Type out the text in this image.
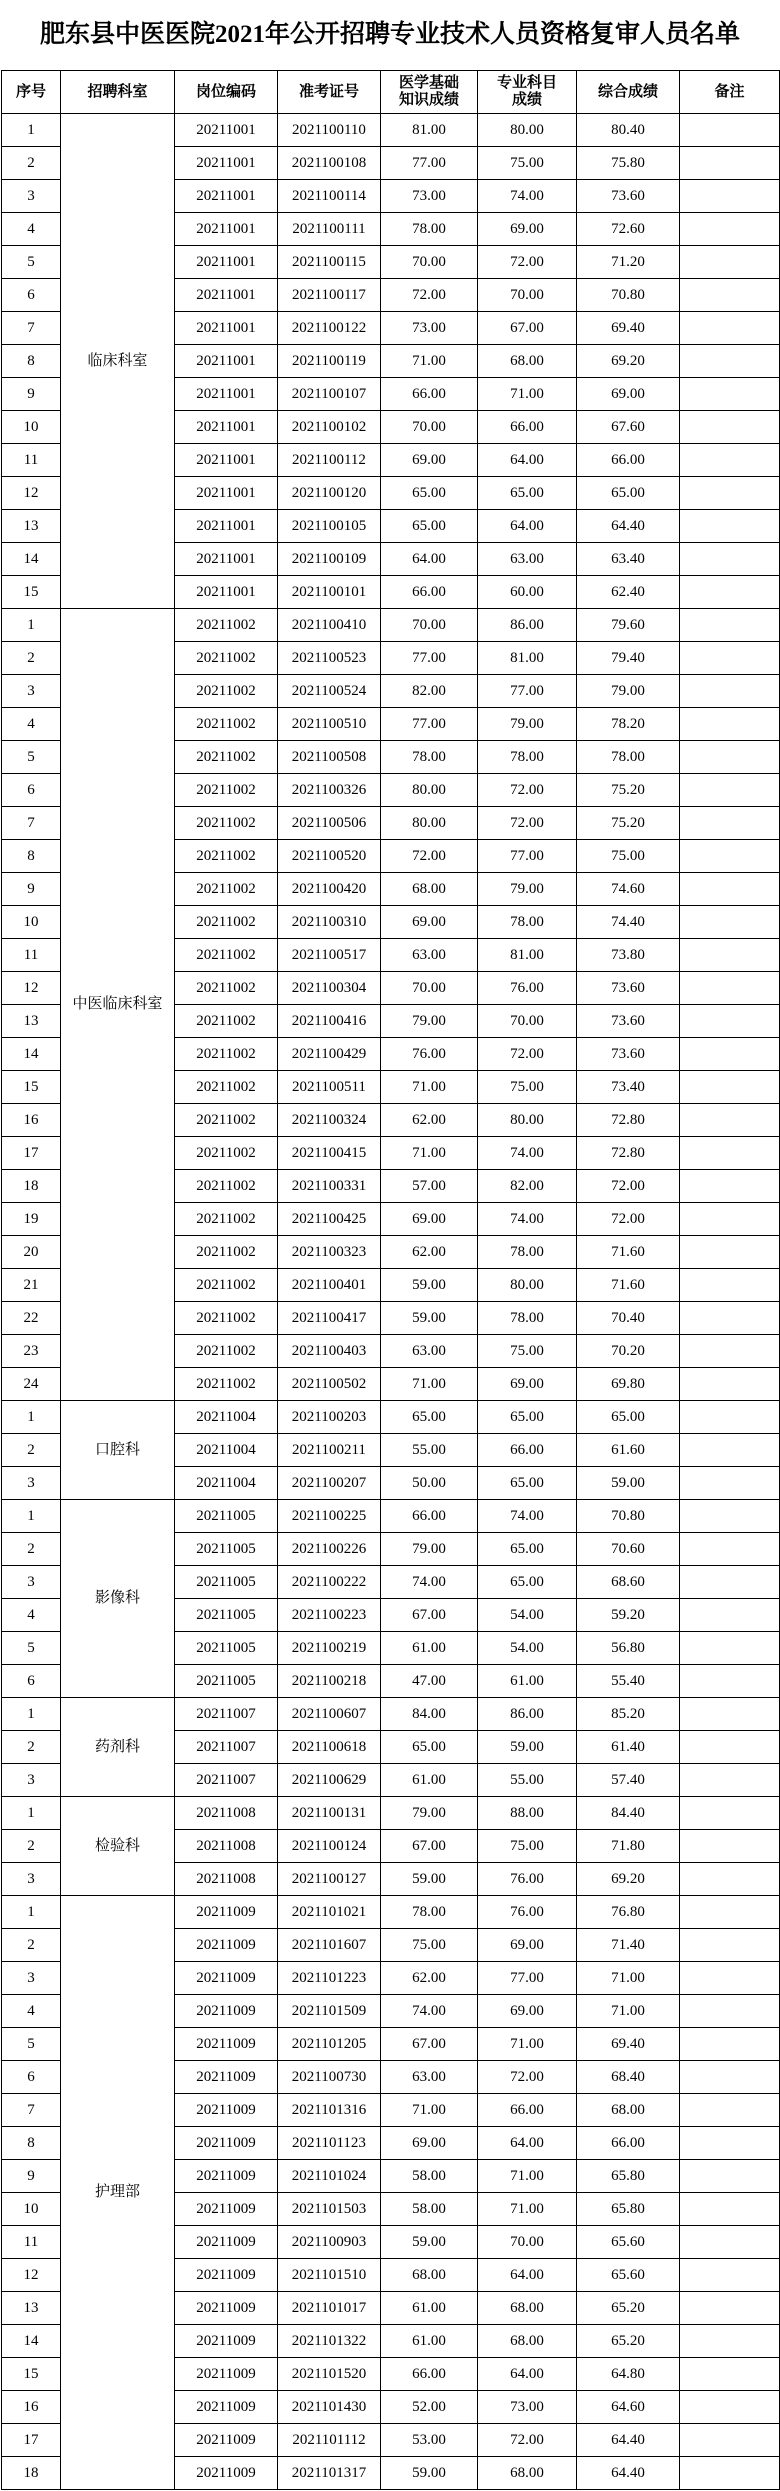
肥东县中医医院2021年公开招聘专业技术人员资格复审人员名单
序号	招聘科室	岗位编码	准考证号	医学基础知识成绩	专业科目成绩	综合成绩	备注
1	临床科室	20211001	2021100110	81.00	80.00	80.40	
2		20211001	2021100108	77.00	75.00	75.80	
3		20211001	2021100114	73.00	74.00	73.60	
4		20211001	2021100111	78.00	69.00	72.60	
5		20211001	2021100115	70.00	72.00	71.20	
6		20211001	2021100117	72.00	70.00	70.80	
7		20211001	2021100122	73.00	67.00	69.40	
8		20211001	2021100119	71.00	68.00	69.20	
9		20211001	2021100107	66.00	71.00	69.00	
10		20211001	2021100102	70.00	66.00	67.60	
11		20211001	2021100112	69.00	64.00	66.00	
12		20211001	2021100120	65.00	65.00	65.00	
13		20211001	2021100105	65.00	64.00	64.40	
14		20211001	2021100109	64.00	63.00	63.40	
15		20211001	2021100101	66.00	60.00	62.40	
1	中医临床科室	20211002	2021100410	70.00	86.00	79.60	
2		20211002	2021100523	77.00	81.00	79.40	
3		20211002	2021100524	82.00	77.00	79.00	
4		20211002	2021100510	77.00	79.00	78.20	
5		20211002	2021100508	78.00	78.00	78.00	
6		20211002	2021100326	80.00	72.00	75.20	
7		20211002	2021100506	80.00	72.00	75.20	
8		20211002	2021100520	72.00	77.00	75.00	
9		20211002	2021100420	68.00	79.00	74.60	
10		20211002	2021100310	69.00	78.00	74.40	
11		20211002	2021100517	63.00	81.00	73.80	
12		20211002	2021100304	70.00	76.00	73.60	
13		20211002	2021100416	79.00	70.00	73.60	
14		20211002	2021100429	76.00	72.00	73.60	
15		20211002	2021100511	71.00	75.00	73.40	
16		20211002	2021100324	62.00	80.00	72.80	
17		20211002	2021100415	71.00	74.00	72.80	
18		20211002	2021100331	57.00	82.00	72.00	
19		20211002	2021100425	69.00	74.00	72.00	
20		20211002	2021100323	62.00	78.00	71.60	
21		20211002	2021100401	59.00	80.00	71.60	
22		20211002	2021100417	59.00	78.00	70.40	
23		20211002	2021100403	63.00	75.00	70.20	
24		20211002	2021100502	71.00	69.00	69.80	
1	口腔科	20211004	2021100203	65.00	65.00	65.00	
2		20211004	2021100211	55.00	66.00	61.60	
3		20211004	2021100207	50.00	65.00	59.00	
1	影像科	20211005	2021100225	66.00	74.00	70.80	
2		20211005	2021100226	79.00	65.00	70.60	
3		20211005	2021100222	74.00	65.00	68.60	
4		20211005	2021100223	67.00	54.00	59.20	
5		20211005	2021100219	61.00	54.00	56.80	
6		20211005	2021100218	47.00	61.00	55.40	
1	药剂科	20211007	2021100607	84.00	86.00	85.20	
2		20211007	2021100618	65.00	59.00	61.40	
3		20211007	2021100629	61.00	55.00	57.40	
1	检验科	20211008	2021100131	79.00	88.00	84.40	
2		20211008	2021100124	67.00	75.00	71.80	
3		20211008	2021100127	59.00	76.00	69.20	
1	护理部	20211009	2021101021	78.00	76.00	76.80	
2		20211009	2021101607	75.00	69.00	71.40	
3		20211009	2021101223	62.00	77.00	71.00	
4		20211009	2021101509	74.00	69.00	71.00	
5		20211009	2021101205	67.00	71.00	69.40	
6		20211009	2021100730	63.00	72.00	68.40	
7		20211009	2021101316	71.00	66.00	68.00	
8		20211009	2021101123	69.00	64.00	66.00	
9		20211009	2021101024	58.00	71.00	65.80	
10		20211009	2021101503	58.00	71.00	65.80	
11		20211009	2021100903	59.00	70.00	65.60	
12		20211009	2021101510	68.00	64.00	65.60	
13		20211009	2021101017	61.00	68.00	65.20	
14		20211009	2021101322	61.00	68.00	65.20	
15		20211009	2021101520	66.00	64.00	64.80	
16		20211009	2021101430	52.00	73.00	64.60	
17		20211009	2021101112	53.00	72.00	64.40	
18		20211009	2021101317	59.00	68.00	64.40	
